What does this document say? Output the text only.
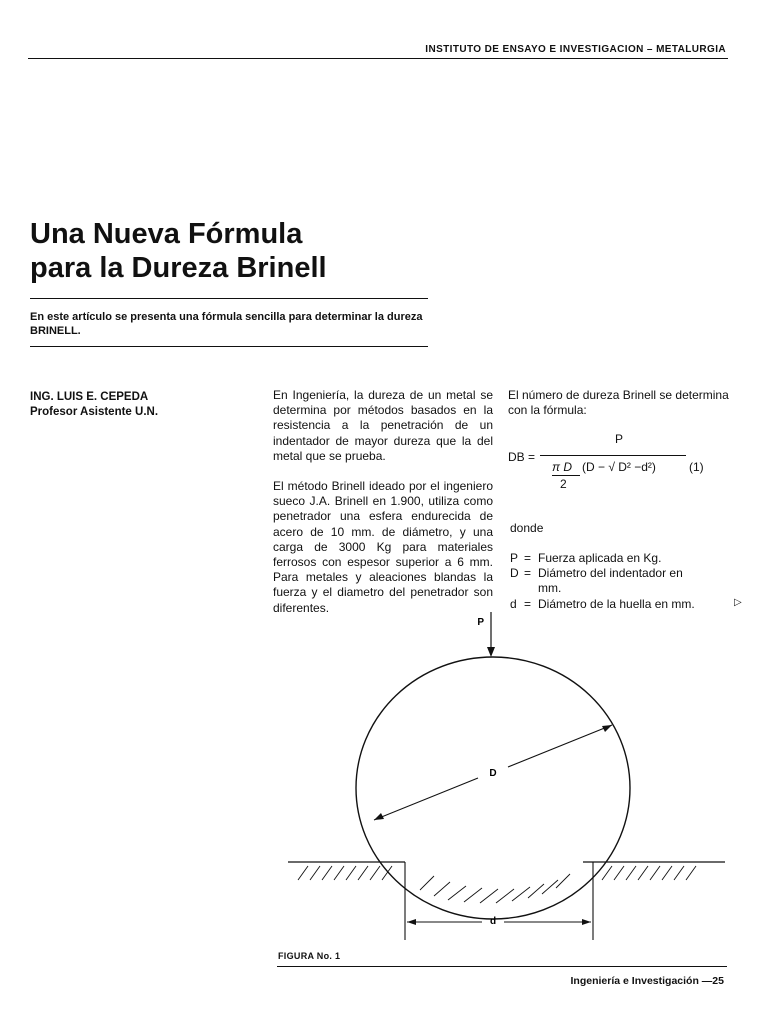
INSTITUTO DE ENSAYO E INVESTIGACION – METALURGIA
Una Nueva Fórmula
para la Dureza Brinell
En este artículo se presenta una fórmula sencilla para determinar la dureza BRINELL.
ING. LUIS E. CEPEDA
Profesor Asistente U.N.

En Ingeniería, la dureza de un metal se determina por métodos basados en la resistencia a la penetración de un indentador de mayor dureza que la del metal que se prueba.

El método Brinell ideado por el ingeniero sueco J.A. Brinell en 1.900, utiliza como penetrador una esfera endurecida de acero de 10 mm. de diámetro, y una carga de 3000 Kg para materiales ferrosos con espesor superior a 6 mm. Para metales y aleaciones blandas la fuerza y el diametro del penetrador son diferentes.

El número de dureza Brinell se determina con la fórmula:

DB =
P
π D
2
(D − √ D² −d²)	(1)
donde
P = Fuerza aplicada en Kg.
D = Diámetro del indentador en mm.
d = Diámetro de la huella en mm.	▷
d
P
D
FIGURA No. 1
Ingeniería e Investigación —25
